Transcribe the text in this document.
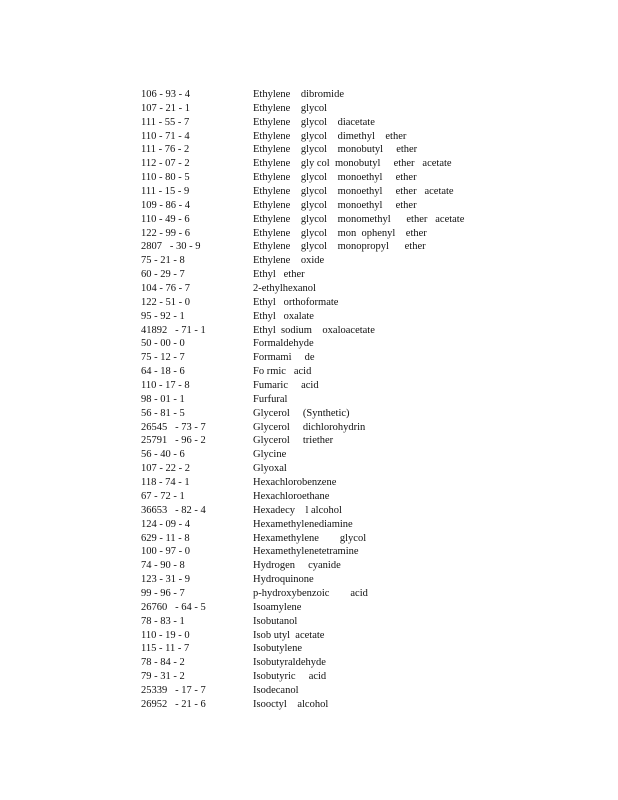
106 - 93 - 4	Ethylene    dibromide
107 - 21 - 1	Ethylene    glycol
111 - 55 - 7	Ethylene    glycol    diacetate
110 - 71 - 4	Ethylene    glycol    dimethyl    ether
111 - 76 - 2	Ethylene    glycol    monobutyl     ether
112 - 07 - 2	Ethylene    gly col  monobutyl     ether   acetate
110 - 80 - 5	Ethylene    glycol    monoethyl     ether
111 - 15 - 9	Ethylene    glycol    monoethyl     ether   acetate
109 - 86 - 4	Ethylene    glycol    monoethyl     ether
110 - 49 - 6	Ethylene    glycol    monomethyl      ether   acetate
122 - 99 - 6	Ethylene    glycol    mon  ophenyl    ether
2807   - 30 - 9	Ethylene    glycol    monopropyl      ether
75 - 21 - 8	Ethylene    oxide
60 - 29 - 7	Ethyl   ether
104 - 76 - 7	2-ethylhexanol
122 - 51 - 0	Ethyl   orthoformate
95 - 92 - 1	Ethyl   oxalate
41892   - 71 - 1	Ethyl  sodium    oxaloacetate
50 - 00 - 0	Formaldehyde
75 - 12 - 7	Formami     de
64 - 18 - 6	Fo rmic   acid
110 - 17 - 8	Fumaric     acid
98 - 01 - 1	Furfural
56 - 81 - 5	Glycerol     (Synthetic)
26545   - 73 - 7	Glycerol     dichlorohydrin
25791   - 96 - 2	Glycerol     triether
56 - 40 - 6	Glycine
107 - 22 - 2	Glyoxal
118 - 74 - 1	Hexachlorobenzene
67 - 72 - 1	Hexachloroethane
36653   - 82 - 4	Hexadecy    l alcohol
124 - 09 - 4	Hexamethylenediamine
629 - 11 - 8	Hexamethylene        glycol
100 - 97 - 0	Hexamethylenetetramine
74 - 90 - 8	Hydrogen     cyanide
123 - 31 - 9	Hydroquinone
99 - 96 - 7	p-hydroxybenzoic        acid
26760   - 64 - 5	Isoamylene
78 - 83 - 1	Isobutanol
110 - 19 - 0	Isob utyl  acetate
115 - 11 - 7	Isobutylene
78 - 84 - 2	Isobutyraldehyde
79 - 31 - 2	Isobutyric     acid
25339   - 17 - 7	Isodecanol
26952   - 21 - 6	Isooctyl    alcohol
